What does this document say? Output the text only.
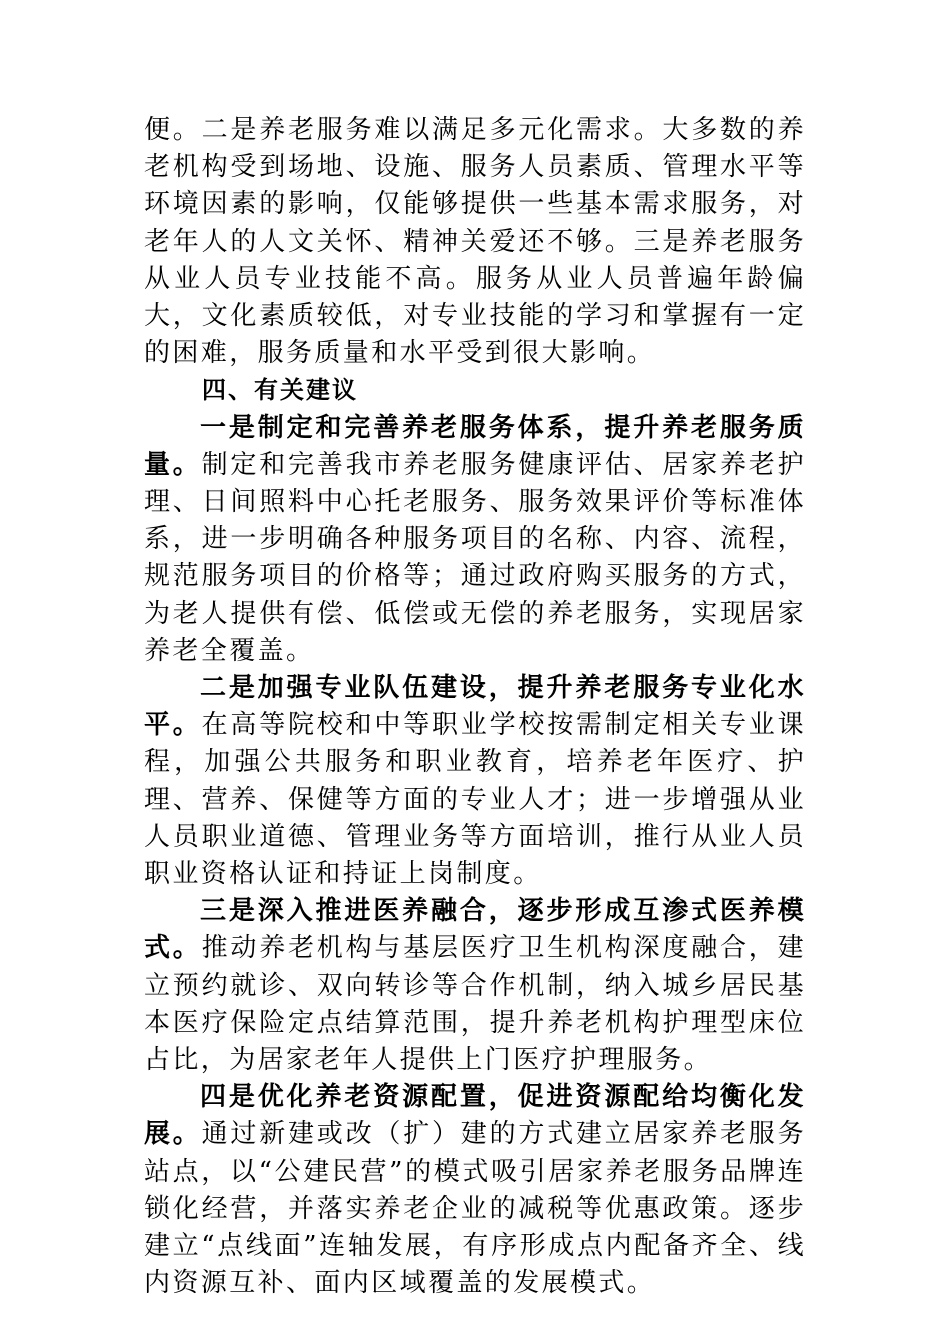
便。二是养老服务难以满足多元化需求。大多数的养老机构受到场地、设施、服务人员素质、管理水平等环境因素的影响，仅能够提供一些基本需求服务，对老年人的人文关怀、精神关爱还不够。三是养老服务从业人员专业技能不高。服务从业人员普遍年龄偏大，文化素质较低，对专业技能的学习和掌握有一定的困难，服务质量和水平受到很大影响。

四、有关建议

一是制定和完善养老服务体系，提升养老服务质量。制定和完善我市养老服务健康评估、居家养老护理、日间照料中心托老服务、服务效果评价等标准体系，进一步明确各种服务项目的名称、内容、流程，规范服务项目的价格等；通过政府购买服务的方式，为老人提供有偿、低偿或无偿的养老服务，实现居家养老全覆盖。

二是加强专业队伍建设，提升养老服务专业化水平。在高等院校和中等职业学校按需制定相关专业课程，加强公共服务和职业教育，培养老年医疗、护理、营养、保健等方面的专业人才；进一步增强从业人员职业道德、管理业务等方面培训，推行从业人员职业资格认证和持证上岗制度。

三是深入推进医养融合，逐步形成互渗式医养模式。推动养老机构与基层医疗卫生机构深度融合，建立预约就诊、双向转诊等合作机制，纳入城乡居民基本医疗保险定点结算范围，提升养老机构护理型床位占比，为居家老年人提供上门医疗护理服务。

四是优化养老资源配置，促进资源配给均衡化发展。通过新建或改（扩）建的方式建立居家养老服务站点，以“公建民营”的模式吸引居家养老服务品牌连锁化经营，并落实养老企业的减税等优惠政策。逐步建立“点线面”连轴发展，有序形成点内配备齐全、线内资源互补、面内区域覆盖的发展模式。
